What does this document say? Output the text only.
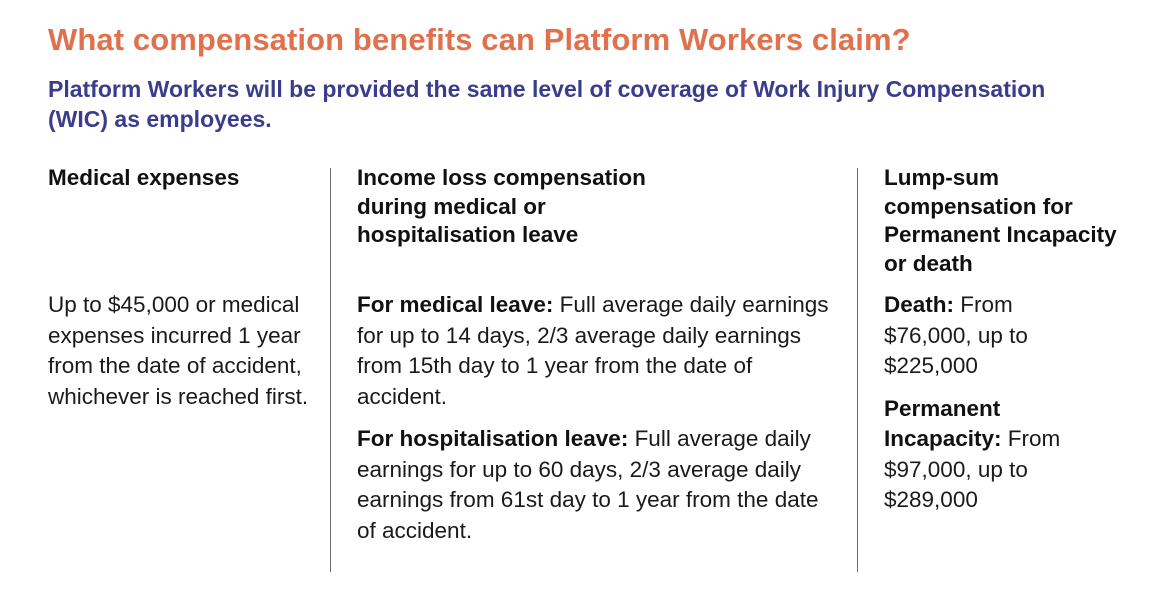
What compensation benefits can Platform Workers claim?

Platform Workers will be provided the same level of coverage of Work Injury Compensation (WIC) as employees.

Medical expenses

Up to $45,000 or medical expenses incurred 1 year from the date of accident, whichever is reached first.

Income loss compensation during medical or hospitalisation leave

For medical leave: Full average daily earnings for up to 14 days, 2/3 average daily earnings from 15th day to 1 year from the date of accident.

For hospitalisation leave: Full average daily earnings for up to 60 days, 2/3 average daily earnings from 61st day to 1 year from the date of accident.

Lump-sum compensation for Permanent Incapacity or death

Death: From $76,000, up to $225,000

Permanent Incapacity: From $97,000, up to $289,000
